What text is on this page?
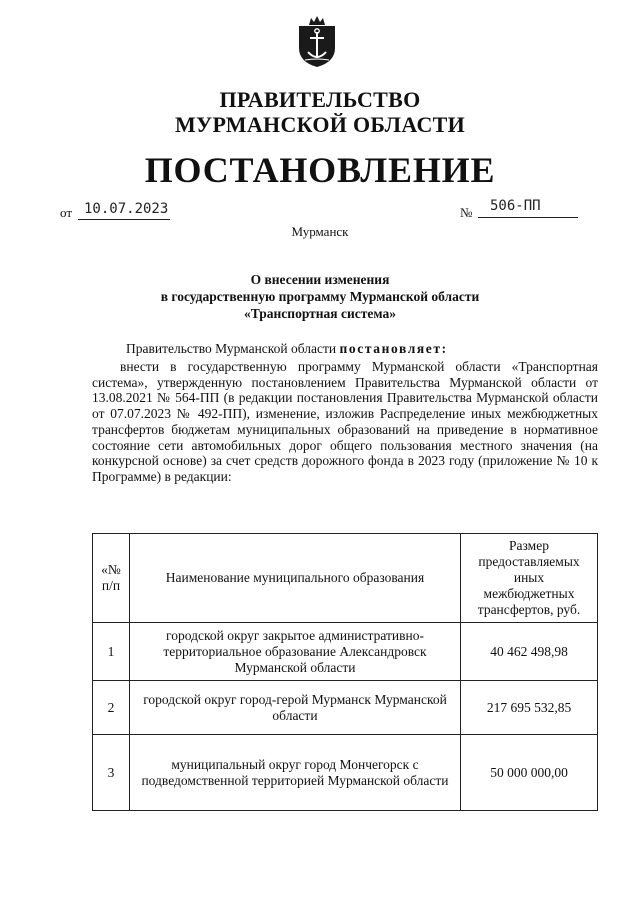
ПРАВИТЕЛЬСТВО
МУРМАНСКОЙ ОБЛАСТИ
ПОСТАНОВЛЕНИЕ
от 10.07.2023	№ 506-ПП
Мурманск
О внесении изменения
в государственную программу Мурманской области
«Транспортная система»
Правительство Мурманской области постановляет:
внести в государственную программу Мурманской области «Транспортная система», утвержденную постановлением Правительства Мурманской области от 13.08.2021 № 564-ПП (в редакции постановления Правительства Мурманской области от 07.07.2023 № 492-ПП), изменение, изложив Распределение иных межбюджетных трансфертов бюджетам муниципальных образований на приведение в нормативное состояние сети автомобильных дорог общего пользования местного значения (на конкурсной основе) за счет средств дорожного фонда в 2023 году (приложение № 10 к Программе) в редакции:
«№ п/п	Наименование муниципального образования	Размер предоставляемых иных межбюджетных трансфертов, руб.
1	городской округ закрытое административно-территориальное образование Александровск Мурманской области	40 462 498,98
2	городской округ город-герой Мурманск Мурманской области	217 695 532,85
3	муниципальный округ город Мончегорск с подведомственной территорией Мурманской области	50 000 000,00
